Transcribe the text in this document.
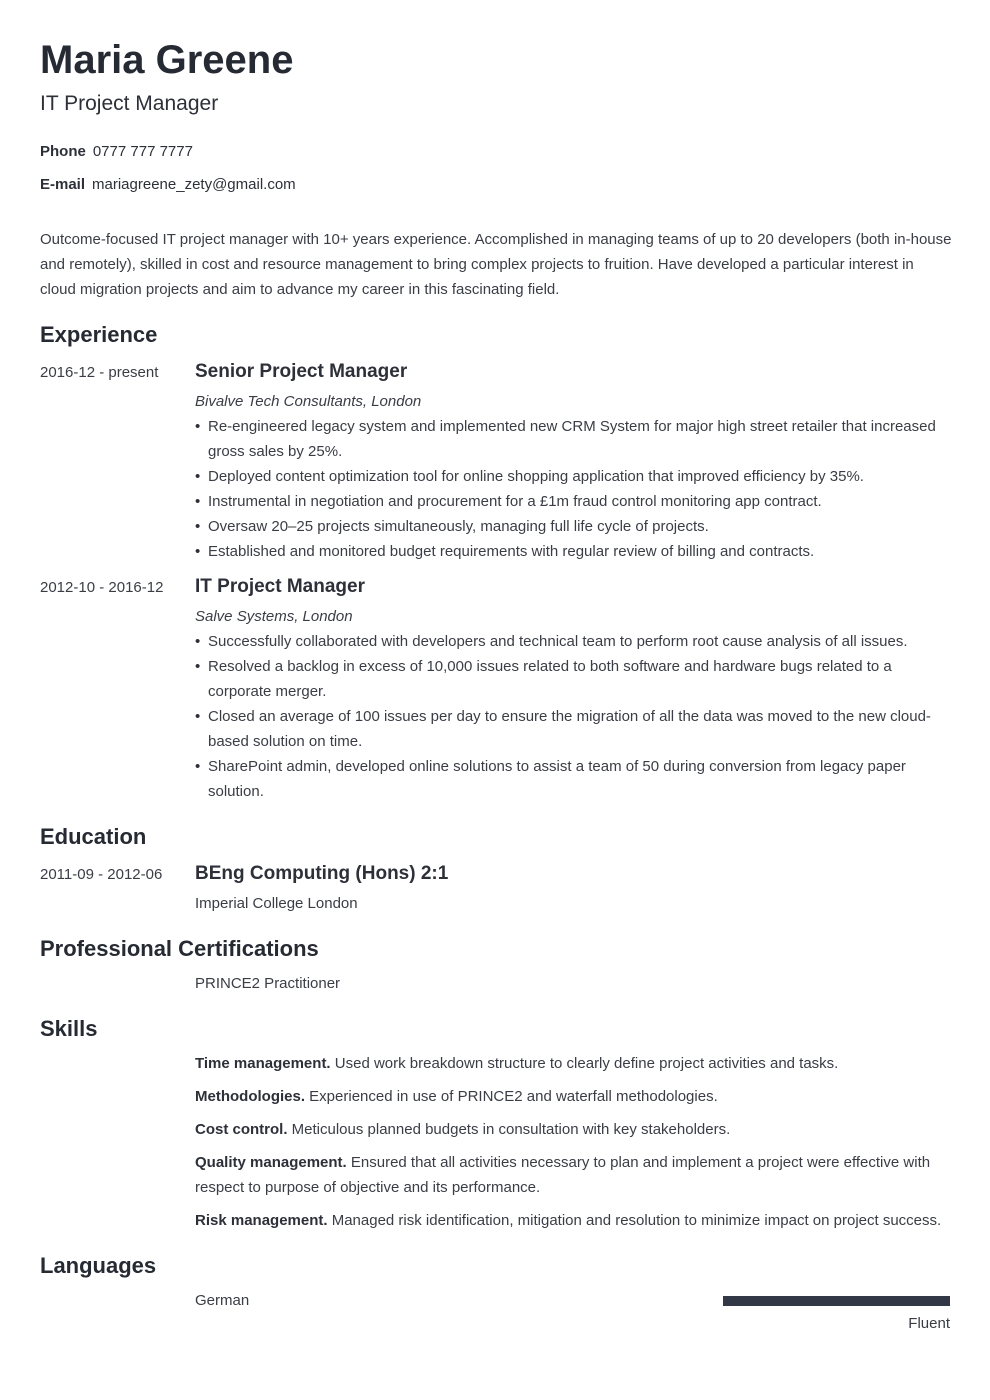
Maria Greene
IT Project Manager
Phone 0777 777 7777
E-mail mariagreene_zety@gmail.com

Outcome-focused IT project manager with 10+ years experience. Accomplished in managing teams of up to 20 developers (both in-house and remotely), skilled in cost and resource management to bring complex projects to fruition. Have developed a particular interest in cloud migration projects and aim to advance my career in this fascinating field.

Experience
2016-12 - present Senior Project Manager
Bivalve Tech Consultants, London
• Re-engineered legacy system and implemented new CRM System for major high street retailer that increased gross sales by 25%.
• Deployed content optimization tool for online shopping application that improved efficiency by 35%.
• Instrumental in negotiation and procurement for a £1m fraud control monitoring app contract.
• Oversaw 20–25 projects simultaneously, managing full life cycle of projects.
• Established and monitored budget requirements with regular review of billing and contracts.
2012-10 - 2016-12 IT Project Manager
Salve Systems, London
• Successfully collaborated with developers and technical team to perform root cause analysis of all issues.
• Resolved a backlog in excess of 10,000 issues related to both software and hardware bugs related to a corporate merger.
• Closed an average of 100 issues per day to ensure the migration of all the data was moved to the new cloud-based solution on time.
• SharePoint admin, developed online solutions to assist a team of 50 during conversion from legacy paper solution.
Education
2011-09 - 2012-06 BEng Computing (Hons) 2:1
Imperial College London
Professional Certifications
PRINCE2 Practitioner
Skills

Time management. Used work breakdown structure to clearly define project activities and tasks.

Methodologies. Experienced in use of PRINCE2 and waterfall methodologies.

Cost control. Meticulous planned budgets in consultation with key stakeholders.

Quality management. Ensured that all activities necessary to plan and implement a project were effective with respect to purpose of objective and its performance.

Risk management. Managed risk identification, mitigation and resolution to minimize impact on project success.

Languages
German
Fluent
